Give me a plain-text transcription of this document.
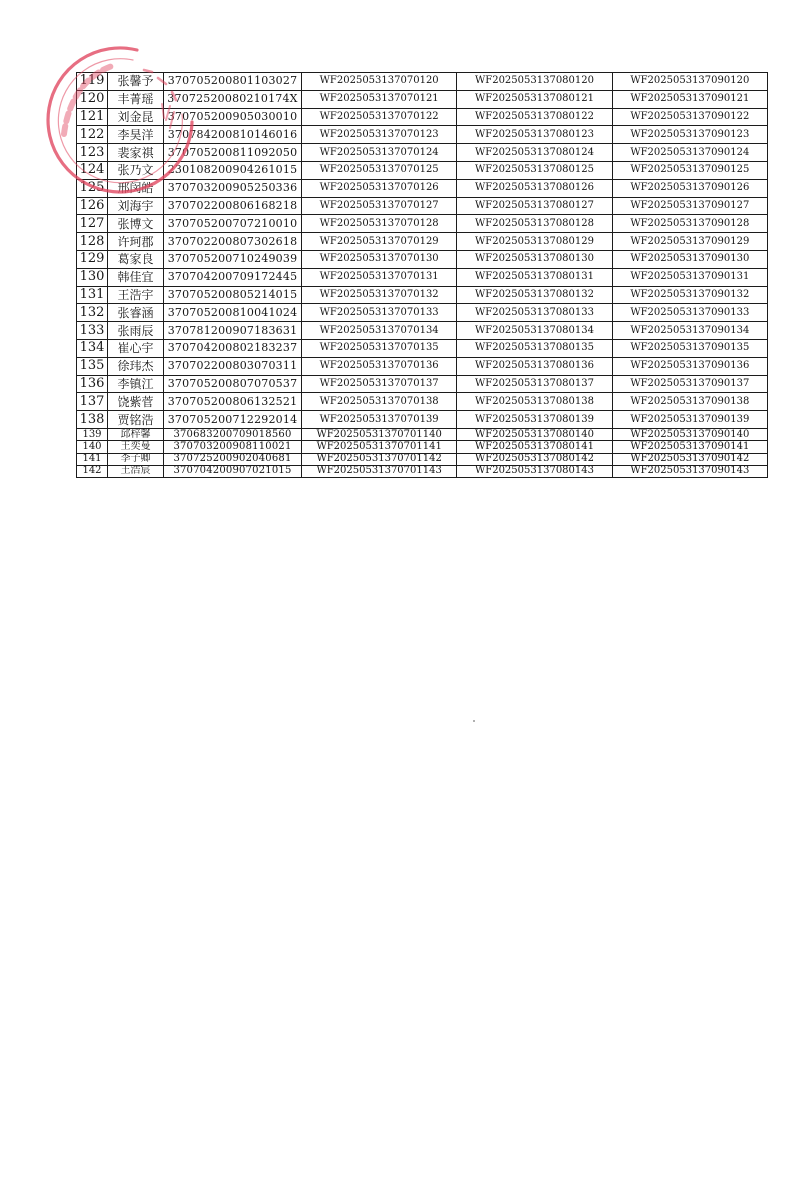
119	张馨予	370705200801103027	WF2025053137070120	WF2025053137080120	WF2025053137090120
120	丰菁瑶	37072520080210174X	WF2025053137070121	WF2025053137080121	WF2025053137090121
121	刘金昆	370705200905030010	WF2025053137070122	WF2025053137080122	WF2025053137090122
122	李昊洋	370784200810146016	WF2025053137070123	WF2025053137080123	WF2025053137090123
123	裴家祺	370705200811092050	WF2025053137070124	WF2025053137080124	WF2025053137090124
124	张乃文	230108200904261015	WF2025053137070125	WF2025053137080125	WF2025053137090125
125	邢闵皓	370703200905250336	WF2025053137070126	WF2025053137080126	WF2025053137090126
126	刘海宇	370702200806168218	WF2025053137070127	WF2025053137080127	WF2025053137090127
127	张博文	370705200707210010	WF2025053137070128	WF2025053137080128	WF2025053137090128
128	许珂郡	370702200807302618	WF2025053137070129	WF2025053137080129	WF2025053137090129
129	葛家良	370705200710249039	WF2025053137070130	WF2025053137080130	WF2025053137090130
130	韩佳宜	370704200709172445	WF2025053137070131	WF2025053137080131	WF2025053137090131
131	王浩宇	370705200805214015	WF2025053137070132	WF2025053137080132	WF2025053137090132
132	张睿涵	370705200810041024	WF2025053137070133	WF2025053137080133	WF2025053137090133
133	张雨辰	370781200907183631	WF2025053137070134	WF2025053137080134	WF2025053137090134
134	崔心宇	370704200802183237	WF2025053137070135	WF2025053137080135	WF2025053137090135
135	徐玮杰	370702200803070311	WF2025053137070136	WF2025053137080136	WF2025053137090136
136	李镇江	370705200807070537	WF2025053137070137	WF2025053137080137	WF2025053137090137
137	饶紫菅	370705200806132521	WF2025053137070138	WF2025053137080138	WF2025053137090138
138	贾铭浩	370705200712292014	WF2025053137070139	WF2025053137080139	WF2025053137090139
139	邱梓馨	370683200709018560	WF20250531370701140	WF2025053137080140	WF2025053137090140
140	王奕曼	370703200908110021	WF20250531370701141	WF2025053137080141	WF2025053137090141
141	李子卿	370725200902040681	WF20250531370701142	WF2025053137080142	WF2025053137090142
142	王浩宸	370704200907021015	WF20250531370701143	WF2025053137080143	WF2025053137090143
